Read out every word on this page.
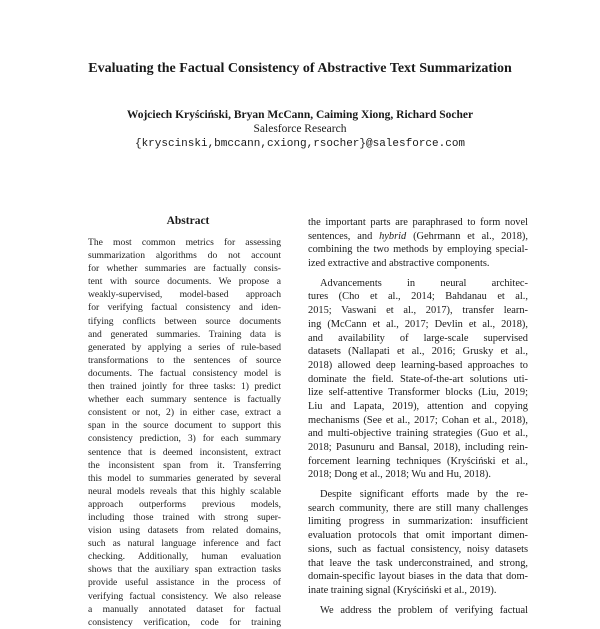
Evaluating the Factual Consistency of Abstractive Text Summarization
Wojciech Kryściński, Bryan McCann, Caiming Xiong, Richard Socher
Salesforce Research
{kryscinski,bmccann,cxiong,rsocher}@salesforce.com
Abstract
The most common metrics for assessing
summarization algorithms do not account
for whether summaries are factually consis-
tent with source documents. We propose a
weakly-supervised, model-based approach
for verifying factual consistency and iden-
tifying conflicts between source documents
and generated summaries. Training data is
generated by applying a series of rule-based
transformations to the sentences of source
documents. The factual consistency model is
then trained jointly for three tasks: 1) predict
whether each summary sentence is factually
consistent or not, 2) in either case, extract a
span in the source document to support this
consistency prediction, 3) for each summary
sentence that is deemed inconsistent, extract
the inconsistent span from it. Transferring
this model to summaries generated by several
neural models reveals that this highly scalable
approach outperforms previous models,
including those trained with strong super-
vision using datasets from related domains,
such as natural language inference and fact
checking. Additionally, human evaluation
shows that the auxiliary span extraction tasks
provide useful assistance in the process of
verifying factual consistency. We also release
a manually annotated dataset for factual
consistency verification, code for training
the important parts are paraphrased to form novel
sentences, and hybrid (Gehrmann et al., 2018),
combining the two methods by employing special-
ized extractive and abstractive components.
Advancements in neural architec-
tures (Cho et al., 2014; Bahdanau et al.,
2015; Vaswani et al., 2017), transfer learn-
ing (McCann et al., 2017; Devlin et al., 2018),
and availability of large-scale supervised
datasets (Nallapati et al., 2016; Grusky et al.,
2018) allowed deep learning-based approaches to
dominate the field. State-of-the-art solutions uti-
lize self-attentive Transformer blocks (Liu, 2019;
Liu and Lapata, 2019), attention and copying
mechanisms (See et al., 2017; Cohan et al., 2018),
and multi-objective training strategies (Guo et al.,
2018; Pasunuru and Bansal, 2018), including rein-
forcement learning techniques (Kryściński et al.,
2018; Dong et al., 2018; Wu and Hu, 2018).
Despite significant efforts made by the re-
search community, there are still many challenges
limiting progress in summarization: insufficient
evaluation protocols that omit important dimen-
sions, such as factual consistency, noisy datasets
that leave the task underconstrained, and strong,
domain-specific layout biases in the data that dom-
inate training signal (Kryściński et al., 2019).
We address the problem of verifying factual
